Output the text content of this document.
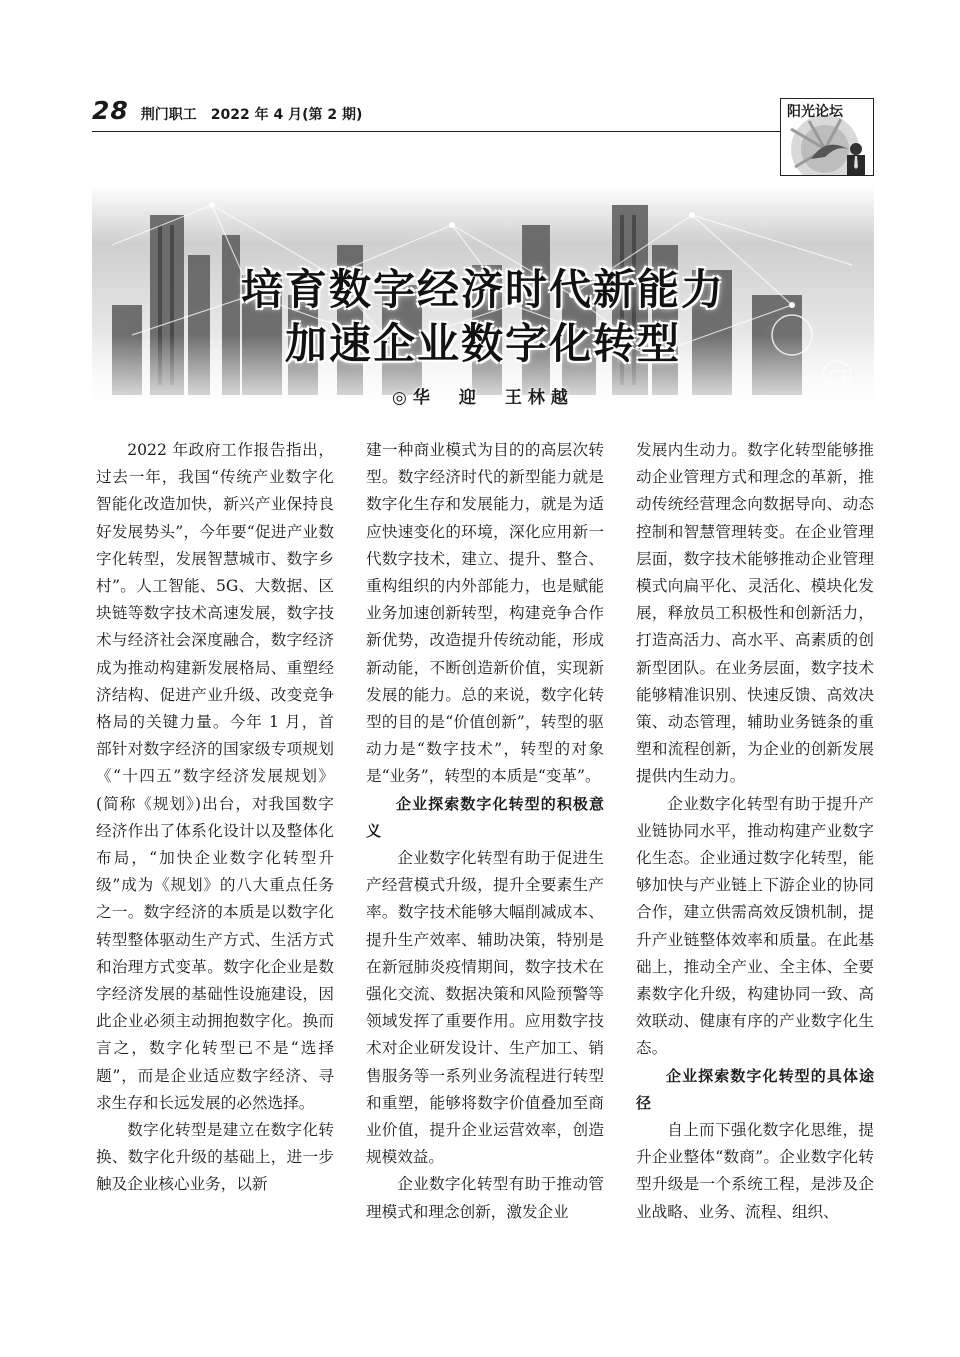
28 荆门职工 2022 年 4 月(第 2 期)	阳光论坛
培育数字经济时代新能力
加速企业数字化转型
◎华　迎　王林越

2022 年政府工作报告指出，过去一年，我国“传统产业数字化智能化改造加快，新兴产业保持良好发展势头”，今年要“促进产业数字化转型，发展智慧城市、数字乡村”。人工智能、5G、大数据、区块链等数字技术高速发展，数字技术与经济社会深度融合，数字经济成为推动构建新发展格局、重塑经济结构、促进产业升级、改变竞争格局的关键力量。今年 1 月，首部针对数字经济的国家级专项规划《“十四五”数字经济发展规划》(简称《规划》)出台，对我国数字经济作出了体系化设计以及整体化布局，“加快企业数字化转型升级”成为《规划》的八大重点任务之一。数字经济的本质是以数字化转型整体驱动生产方式、生活方式和治理方式变革。数字化企业是数字经济发展的基础性设施建设，因此企业必须主动拥抱数字化。换而言之，数字化转型已不是“选择题”，而是企业适应数字经济、寻求生存和长远发展的必然选择。

数字化转型是建立在数字化转换、数字化升级的基础上，进一步触及企业核心业务，以新

建一种商业模式为目的的高层次转型。数字经济时代的新型能力就是数字化生存和发展能力，就是为适应快速变化的环境，深化应用新一代数字技术，建立、提升、整合、重构组织的内外部能力，也是赋能业务加速创新转型，构建竞争合作新优势，改造提升传统动能，形成新动能，不断创造新价值，实现新发展的能力。总的来说，数字化转型的目的是“价值创新”，转型的驱动力是“数字技术”，转型的对象是“业务”，转型的本质是“变革”。

企业探索数字化转型的积极意义

企业数字化转型有助于促进生产经营模式升级，提升全要素生产率。数字技术能够大幅削减成本、提升生产效率、辅助决策，特别是在新冠肺炎疫情期间，数字技术在强化交流、数据决策和风险预警等领域发挥了重要作用。应用数字技术对企业研发设计、生产加工、销售服务等一系列业务流程进行转型和重塑，能够将数字价值叠加至商业价值，提升企业运营效率，创造规模效益。

企业数字化转型有助于推动管理模式和理念创新，激发企业

发展内生动力。数字化转型能够推动企业管理方式和理念的革新，推动传统经营理念向数据导向、动态控制和智慧管理转变。在企业管理层面，数字技术能够推动企业管理模式向扁平化、灵活化、模块化发展，释放员工积极性和创新活力，打造高活力、高水平、高素质的创新型团队。在业务层面，数字技术能够精准识别、快速反馈、高效决策、动态管理，辅助业务链条的重塑和流程创新，为企业的创新发展提供内生动力。

企业数字化转型有助于提升产业链协同水平，推动构建产业数字化生态。企业通过数字化转型，能够加快与产业链上下游企业的协同合作，建立供需高效反馈机制，提升产业链整体效率和质量。在此基础上，推动全产业、全主体、全要素数字化升级，构建协同一致、高效联动、健康有序的产业数字化生态。

企业探索数字化转型的具体途径

自上而下强化数字化思维，提升企业整体“数商”。企业数字化转型升级是一个系统工程，是涉及企业战略、业务、流程、组织、
